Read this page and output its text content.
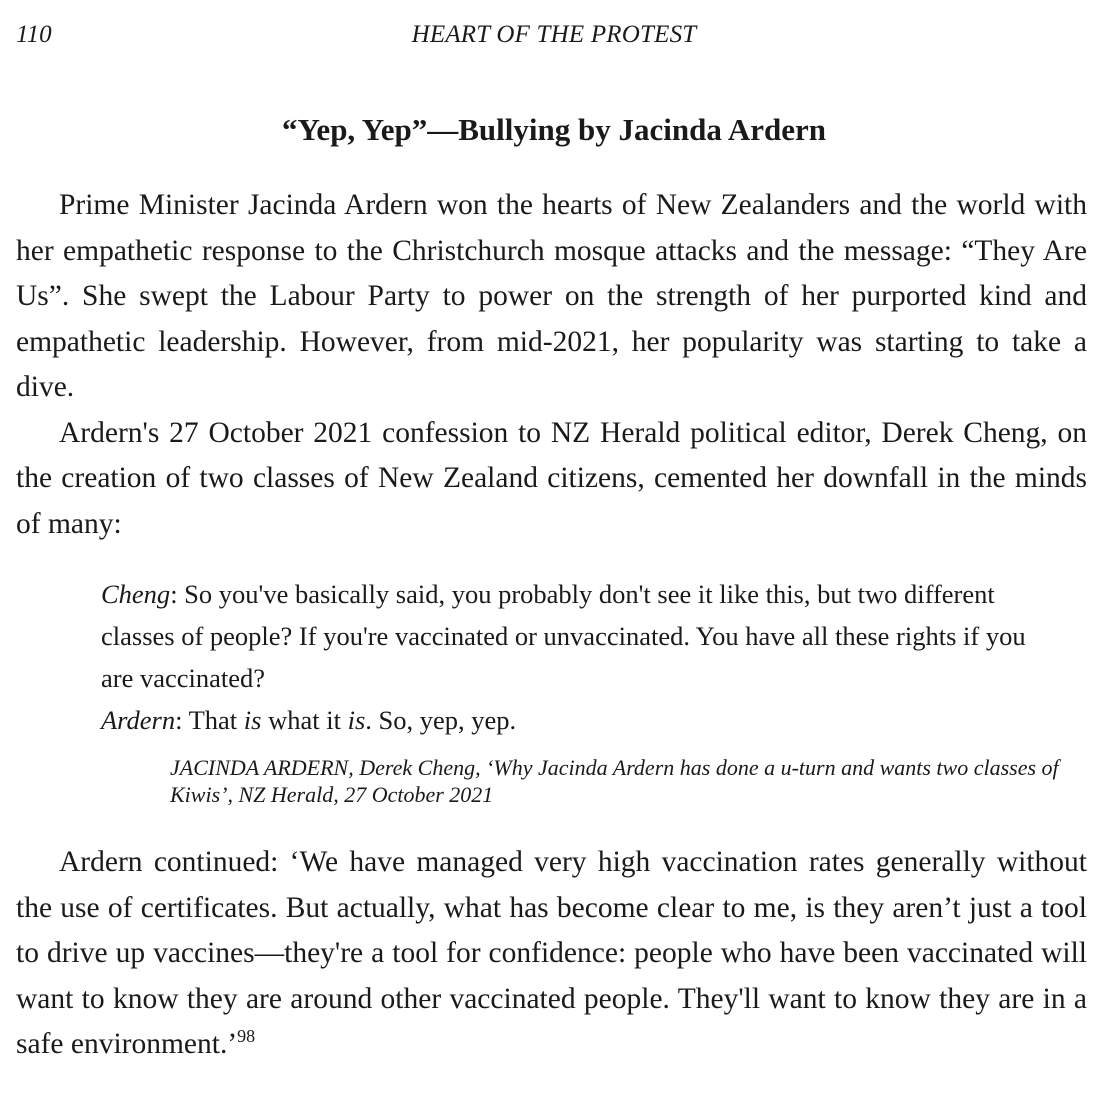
110	HEART OF THE PROTEST
“Yep, Yep”—Bullying by Jacinda Ardern

Prime Minister Jacinda Ardern won the hearts of New Zealanders and the world with her empathetic response to the Christchurch mosque attacks and the message: “They Are Us”. She swept the Labour Party to power on the strength of her purported kind and empathetic leadership. However, from mid-2021, her popularity was starting to take a dive.

Ardern's 27 October 2021 confession to NZ Herald political editor, Derek Cheng, on the creation of two classes of New Zealand citizens, cemented her downfall in the minds of many:

Cheng: So you've basically said, you probably don't see it like this, but two different classes of people? If you're vaccinated or unvaccinated. You have all these rights if you are vaccinated?

Ardern: That is what it is. So, yep, yep.

JACINDA ARDERN, Derek Cheng, ‘Why Jacinda Ardern has done a u-turn and wants two classes of Kiwis’, NZ Herald, 27 October 2021

Ardern continued: ‘We have managed very high vaccination rates generally without the use of certificates. But actually, what has become clear to me, is they aren’t just a tool to drive up vaccines—they're a tool for confidence: people who have been vaccinated will want to know they are around other vaccinated people. They'll want to know they are in a safe environment.’$^{98}$
